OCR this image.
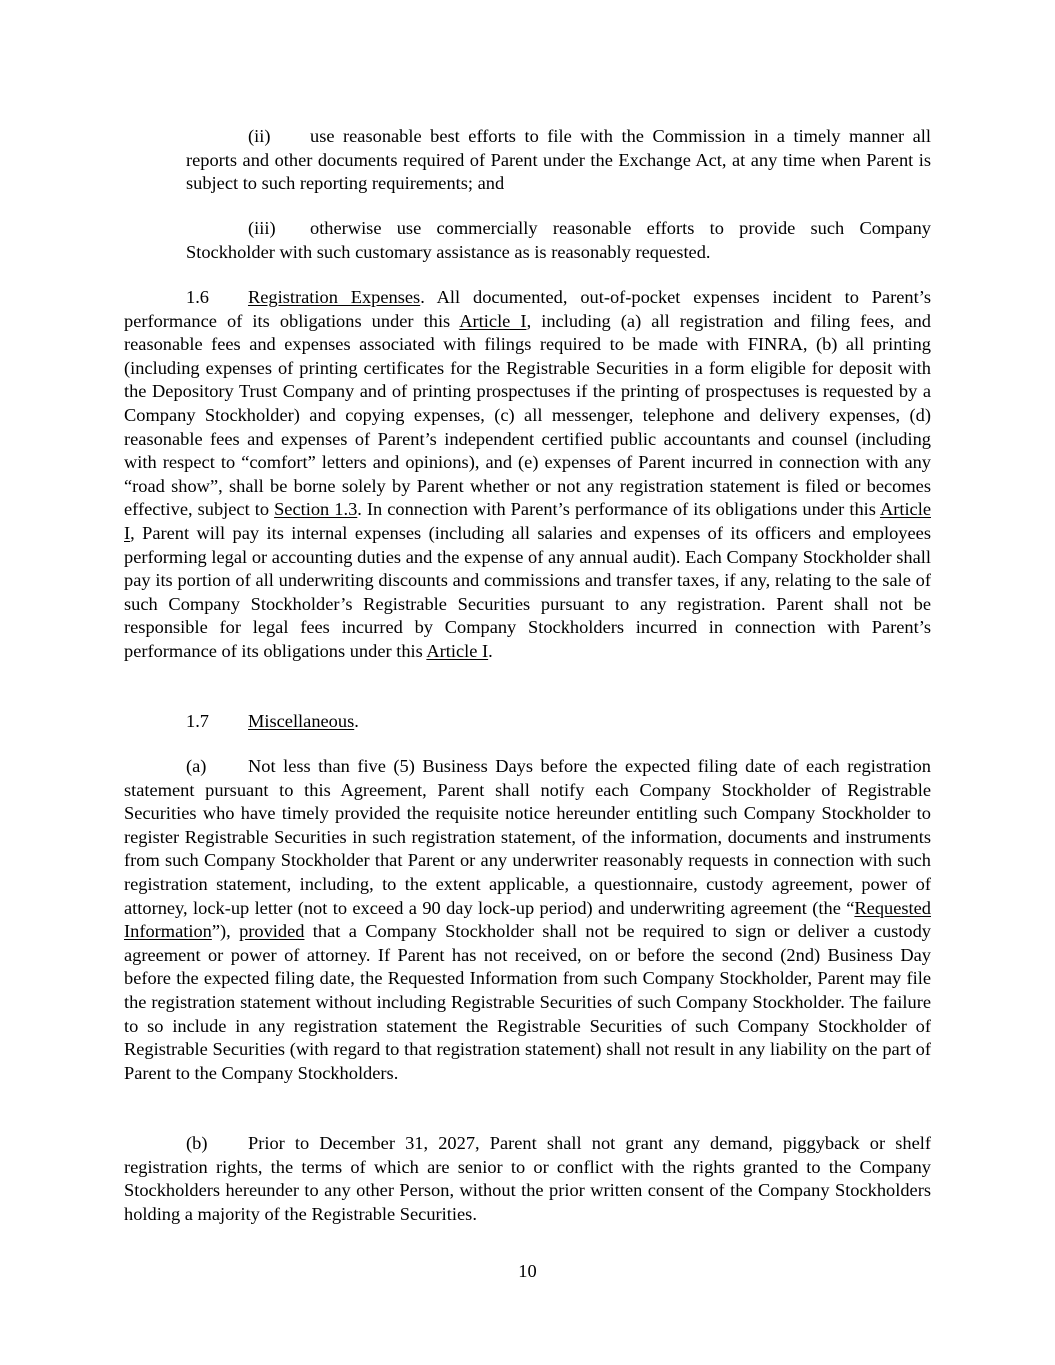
(ii) use reasonable best efforts to file with the Commission in a timely manner all reports and other documents required of Parent under the Exchange Act, at any time when Parent is subject to such reporting requirements; and

(iii) otherwise use commercially reasonable efforts to provide such Company Stockholder with such customary assistance as is reasonably requested.

1.6 Registration Expenses. All documented, out-of-pocket expenses incident to Parent’s performance of its obligations under this Article I, including (a) all registration and filing fees, and reasonable fees and expenses associated with filings required to be made with FINRA, (b) all printing (including expenses of printing certificates for the Registrable Securities in a form eligible for deposit with the Depository Trust Company and of printing prospectuses if the printing of prospectuses is requested by a Company Stockholder) and copying expenses, (c) all messenger, telephone and delivery expenses, (d) reasonable fees and expenses of Parent’s independent certified public accountants and counsel (including with respect to “comfort” letters and opinions), and (e) expenses of Parent incurred in connection with any “road show”, shall be borne solely by Parent whether or not any registration statement is filed or becomes effective, subject to Section 1.3. In connection with Parent’s performance of its obligations under this Article I, Parent will pay its internal expenses (including all salaries and expenses of its officers and employees performing legal or accounting duties and the expense of any annual audit). Each Company Stockholder shall pay its portion of all underwriting discounts and commissions and transfer taxes, if any, relating to the sale of such Company Stockholder’s Registrable Securities pursuant to any registration. Parent shall not be responsible for legal fees incurred by Company Stockholders incurred in connection with Parent’s performance of its obligations under this Article I.

1.7 Miscellaneous.

(a) Not less than five (5) Business Days before the expected filing date of each registration statement pursuant to this Agreement, Parent shall notify each Company Stockholder of Registrable Securities who have timely provided the requisite notice hereunder entitling such Company Stockholder to register Registrable Securities in such registration statement, of the information, documents and instruments from such Company Stockholder that Parent or any underwriter reasonably requests in connection with such registration statement, including, to the extent applicable, a questionnaire, custody agreement, power of attorney, lock-up letter (not to exceed a 90 day lock-up period) and underwriting agreement (the “Requested Information”), provided that a Company Stockholder shall not be required to sign or deliver a custody agreement or power of attorney. If Parent has not received, on or before the second (2nd) Business Day before the expected filing date, the Requested Information from such Company Stockholder, Parent may file the registration statement without including Registrable Securities of such Company Stockholder. The failure to so include in any registration statement the Registrable Securities of such Company Stockholder of Registrable Securities (with regard to that registration statement) shall not result in any liability on the part of Parent to the Company Stockholders.

(b) Prior to December 31, 2027, Parent shall not grant any demand, piggyback or shelf registration rights, the terms of which are senior to or conflict with the rights granted to the Company Stockholders hereunder to any other Person, without the prior written consent of the Company Stockholders holding a majority of the Registrable Securities.

10
